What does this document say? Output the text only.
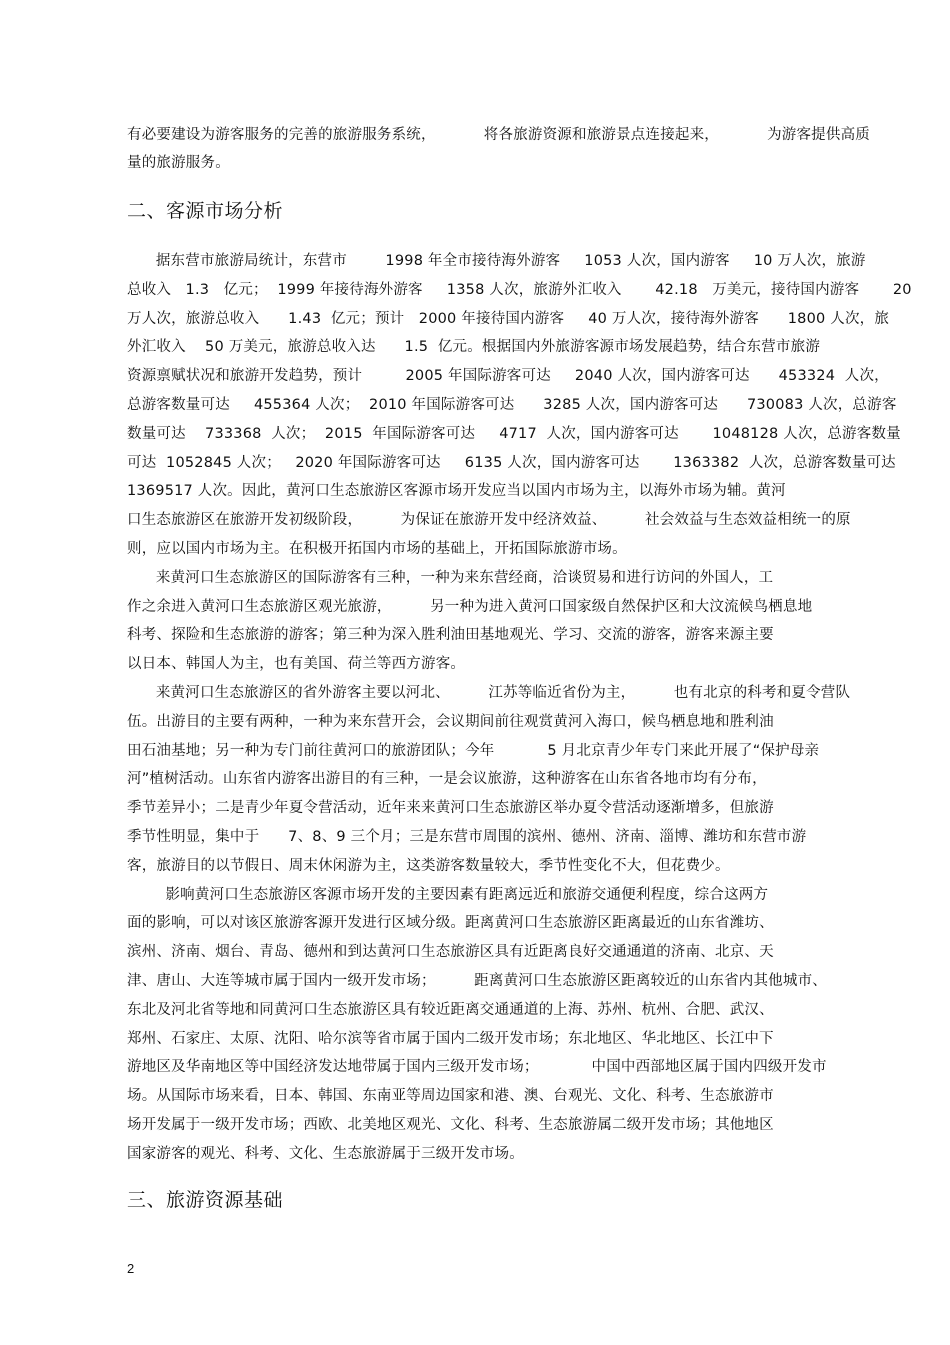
有必要建设为游客服务的完善的旅游服务系统，          将各旅游资源和旅游景点连接起来，          为游客提供高质
量的旅游服务。
二、客源市场分析
据东营市旅游局统计，东营市        1998 年全市接待海外游客     1053 人次，国内游客     10 万人次，旅游
总收入   1.3   亿元；  1999 年接待海外游客     1358 人次，旅游外汇收入       42.18   万美元，接待国内游客       20
万人次，旅游总收入      1.43  亿元；预计   2000 年接待国内游客     40 万人次，接待海外游客      1800 人次，旅
外汇收入    50 万美元，旅游总收入达      1.5  亿元。根据国内外旅游客源市场发展趋势，结合东营市旅游
资源禀赋状况和旅游开发趋势，预计         2005 年国际游客可达     2040 人次，国内游客可达      453324  人次，
总游客数量可达     455364 人次；  2010 年国际游客可达      3285 人次，国内游客可达      730083 人次，总游客
数量可达    733368  人次；  2015  年国际游客可达     4717  人次，国内游客可达       1048128 人次，总游客数量
可达  1052845 人次；   2020 年国际游客可达     6135 人次，国内游客可达       1363382  人次，总游客数量可达
1369517 人次。因此，黄河口生态旅游区客源市场开发应当以国内市场为主，以海外市场为辅。黄河
口生态旅游区在旅游开发初级阶段，        为保证在旅游开发中经济效益、        社会效益与生态效益相统一的原
则，应以国内市场为主。在积极开拓国内市场的基础上，开拓国际旅游市场。
来黄河口生态旅游区的国际游客有三种，一种为来东营经商，洽谈贸易和进行访问的外国人，工
作之余进入黄河口生态旅游区观光旅游，        另一种为进入黄河口国家级自然保护区和大汶流候鸟栖息地
科考、探险和生态旅游的游客；第三种为深入胜利油田基地观光、学习、交流的游客，游客来源主要
以日本、韩国人为主，也有美国、荷兰等西方游客。
来黄河口生态旅游区的省外游客主要以河北、        江苏等临近省份为主，        也有北京的科考和夏令营队
伍。出游目的主要有两种，一种为来东营开会，会议期间前往观赏黄河入海口，候鸟栖息地和胜利油
田石油基地；另一种为专门前往黄河口的旅游团队；今年           5 月北京青少年专门来此开展了“保护母亲
河”植树活动。山东省内游客出游目的有三种，一是会议旅游，这种游客在山东省各地市均有分布，
季节差异小；二是青少年夏令营活动，近年来来黄河口生态旅游区举办夏令营活动逐渐增多，但旅游
季节性明显，集中于      7、8、9 三个月；三是东营市周围的滨州、德州、济南、淄博、潍坊和东营市游
客，旅游目的以节假日、周末休闲游为主，这类游客数量较大，季节性变化不大，但花费少。
影响黄河口生态旅游区客源市场开发的主要因素有距离远近和旅游交通便利程度，综合这两方
面的影响，可以对该区旅游客源开发进行区域分级。距离黄河口生态旅游区距离最近的山东省潍坊、
滨州、济南、烟台、青岛、德州和到达黄河口生态旅游区具有近距离良好交通通道的济南、北京、天
津、唐山、大连等城市属于国内一级开发市场；        距离黄河口生态旅游区距离较近的山东省内其他城市、
东北及河北省等地和同黄河口生态旅游区具有较近距离交通通道的上海、苏州、杭州、合肥、武汉、
郑州、石家庄、太原、沈阳、哈尔滨等省市属于国内二级开发市场；东北地区、华北地区、长江中下
游地区及华南地区等中国经济发达地带属于国内三级开发市场；           中国中西部地区属于国内四级开发市
场。从国际市场来看，日本、韩国、东南亚等周边国家和港、澳、台观光、文化、科考、生态旅游市
场开发属于一级开发市场；西欧、北美地区观光、文化、科考、生态旅游属二级开发市场；其他地区
国家游客的观光、科考、文化、生态旅游属于三级开发市场。
三、旅游资源基础
2
